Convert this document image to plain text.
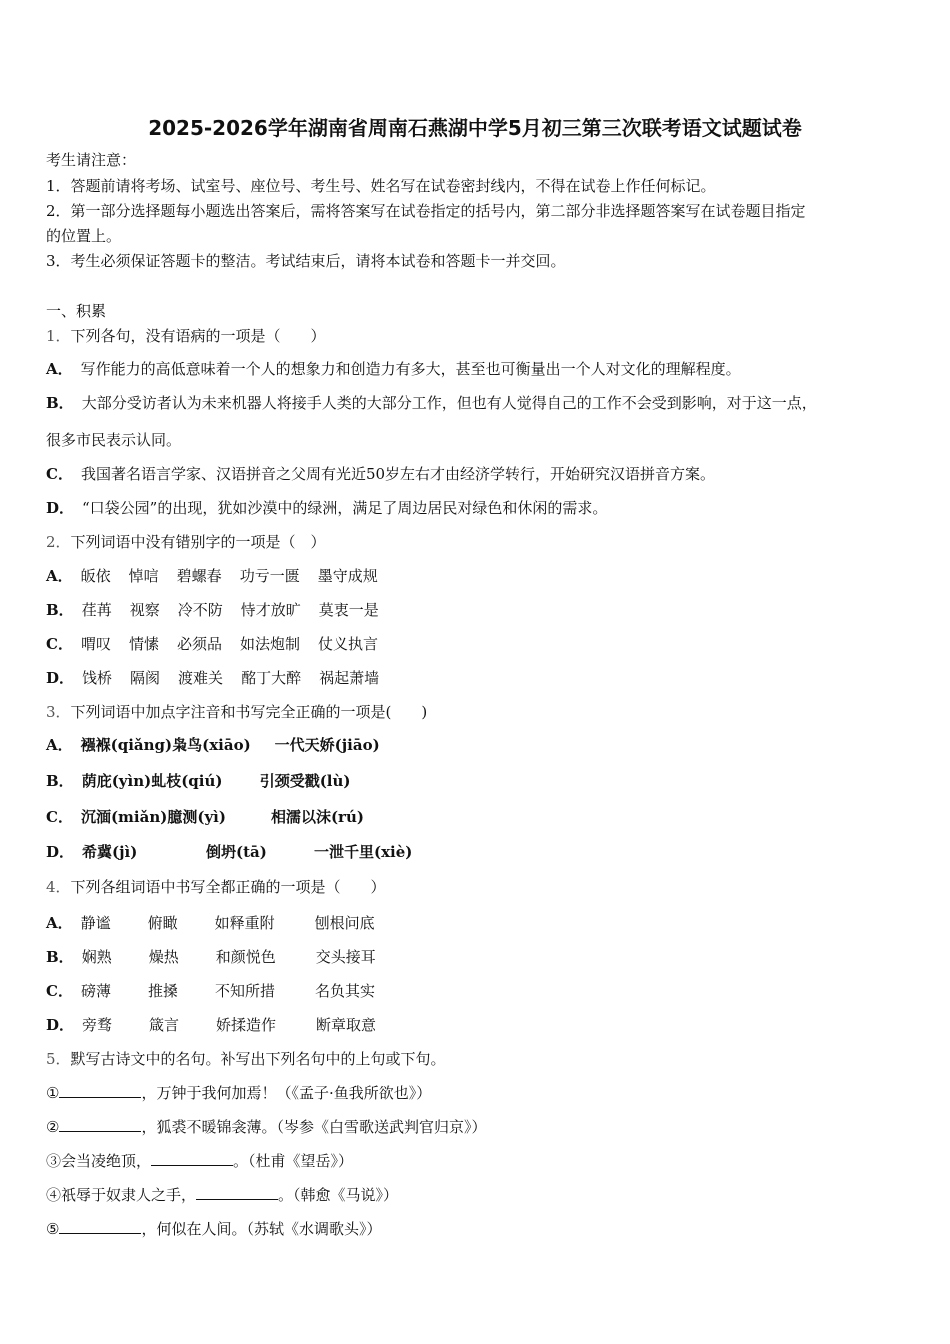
2025-2026学年湖南省周南石燕湖中学5月初三第三次联考语文试题试卷
考生请注意：
1．答题前请将考场、试室号、座位号、考生号、姓名写在试卷密封线内，不得在试卷上作任何标记。
2．第一部分选择题每小题选出答案后，需将答案写在试卷指定的括号内，第二部分非选择题答案写在试卷题目指定
的位置上。
3．考生必须保证答题卡的整洁。考试结束后，请将本试卷和答题卡一并交回。
一、积累
1．下列各句，没有语病的一项是（　　）
A． 写作能力的高低意味着一个人的想象力和创造力有多大，甚至也可衡量出一个人对文化的理解程度。
B． 大部分受访者认为未来机器人将接手人类的大部分工作，但也有人觉得自己的工作不会受到影响，对于这一点，
很多市民表示认同。
C． 我国著名语言学家、汉语拼音之父周有光近50岁左右才由经济学转行，开始研究汉语拼音方案。
D． “口袋公园”的出现，犹如沙漠中的绿洲，满足了周边居民对绿色和休闲的需求。
2．下列词语中没有错别字的一项是（　）
A． 皈依 悼唁 碧螺春 功亏一匮 墨守成规
B． 荏苒 视察 冷不防 恃才放旷 莫衷一是
C． 喟叹 情愫 必须品 如法炮制 仗义执言
D． 饯桥 隔阂 渡难关 酩丁大醉 祸起萧墙
3．下列词语中加点字注音和书写完全正确的一项是(　　)
A． 襁褓(qiǎng)枭鸟(xiāo) 一代天娇(jiāo)
B． 荫庇(yìn)虬枝(qiú) 引颈受戳(lù)
C． 沉湎(miǎn)臆测(yì)	相濡以沫(rú)
D． 希冀(jì)	倒坍(tā)	一泄千里(xiè)
4．下列各组词语中书写全都正确的一项是（　　）
A． 静谧 俯瞰 如释重附	刨根问底
B． 娴熟 燥热 和颜悦色	交头接耳
C． 磅薄 推搡 不知所措	名负其实
D． 旁骛 箴言 娇揉造作	断章取意
5．默写古诗文中的名句。补写出下列名句中的上句或下句。
①	，万钟于我何加焉！（《孟子·鱼我所欲也》）
②	，狐裘不暖锦衾薄。（岑参《白雪歌送武判官归京》）
③会当凌绝顶，	。（杜甫《望岳》）
④祇辱于奴隶人之手，	。（韩愈《马说》）
⑤	，何似在人间。（苏轼《水调歌头》）
